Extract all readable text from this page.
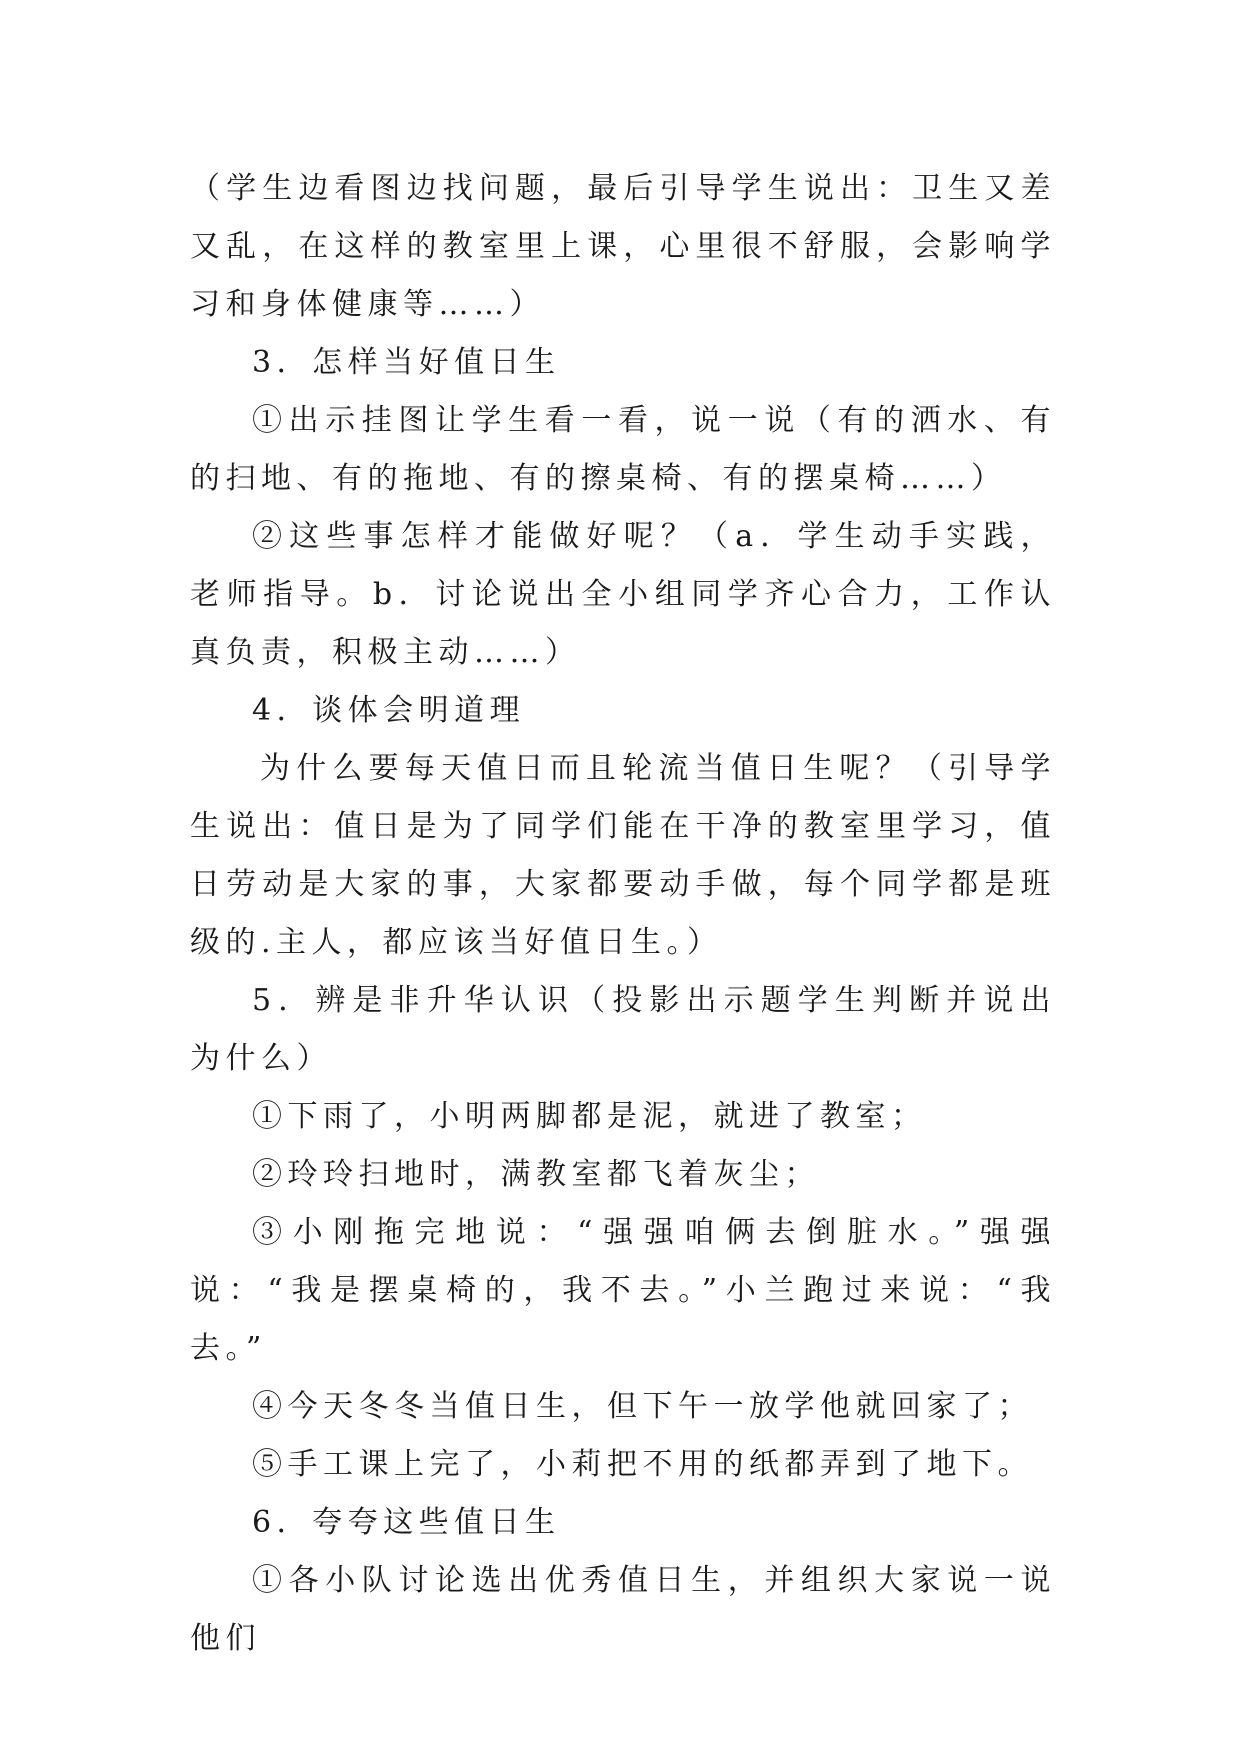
（学生边看图边找问题，最后引导学生说出：卫生又差又乱，在这样的教室里上课，心里很不舒服，会影响学习和身体健康等……）

3．怎样当好值日生

①出示挂图让学生看一看，说一说（有的洒水、有的扫地、有的拖地、有的擦桌椅、有的摆桌椅……）

②这些事怎样才能做好呢？（a．学生动手实践，老师指导。b．讨论说出全小组同学齐心合力，工作认真负责，积极主动……）

4．谈体会明道理

为什么要每天值日而且轮流当值日生呢？（引导学生说出：值日是为了同学们能在干净的教室里学习，值日劳动是大家的事，大家都要动手做，每个同学都是班级的.主人，都应该当好值日生。）

5．辨是非升华认识（投影出示题学生判断并说出为什么）

①下雨了，小明两脚都是泥，就进了教室；

②玲玲扫地时，满教室都飞着灰尘；

③小刚拖完地说：“强强咱俩去倒脏水。”强强说：“我是摆桌椅的，我不去。”小兰跑过来说：“我去。”

④今天冬冬当值日生，但下午一放学他就回家了；

⑤手工课上完了，小莉把不用的纸都弄到了地下。

6．夸夸这些值日生

①各小队讨论选出优秀值日生，并组织大家说一说他们
